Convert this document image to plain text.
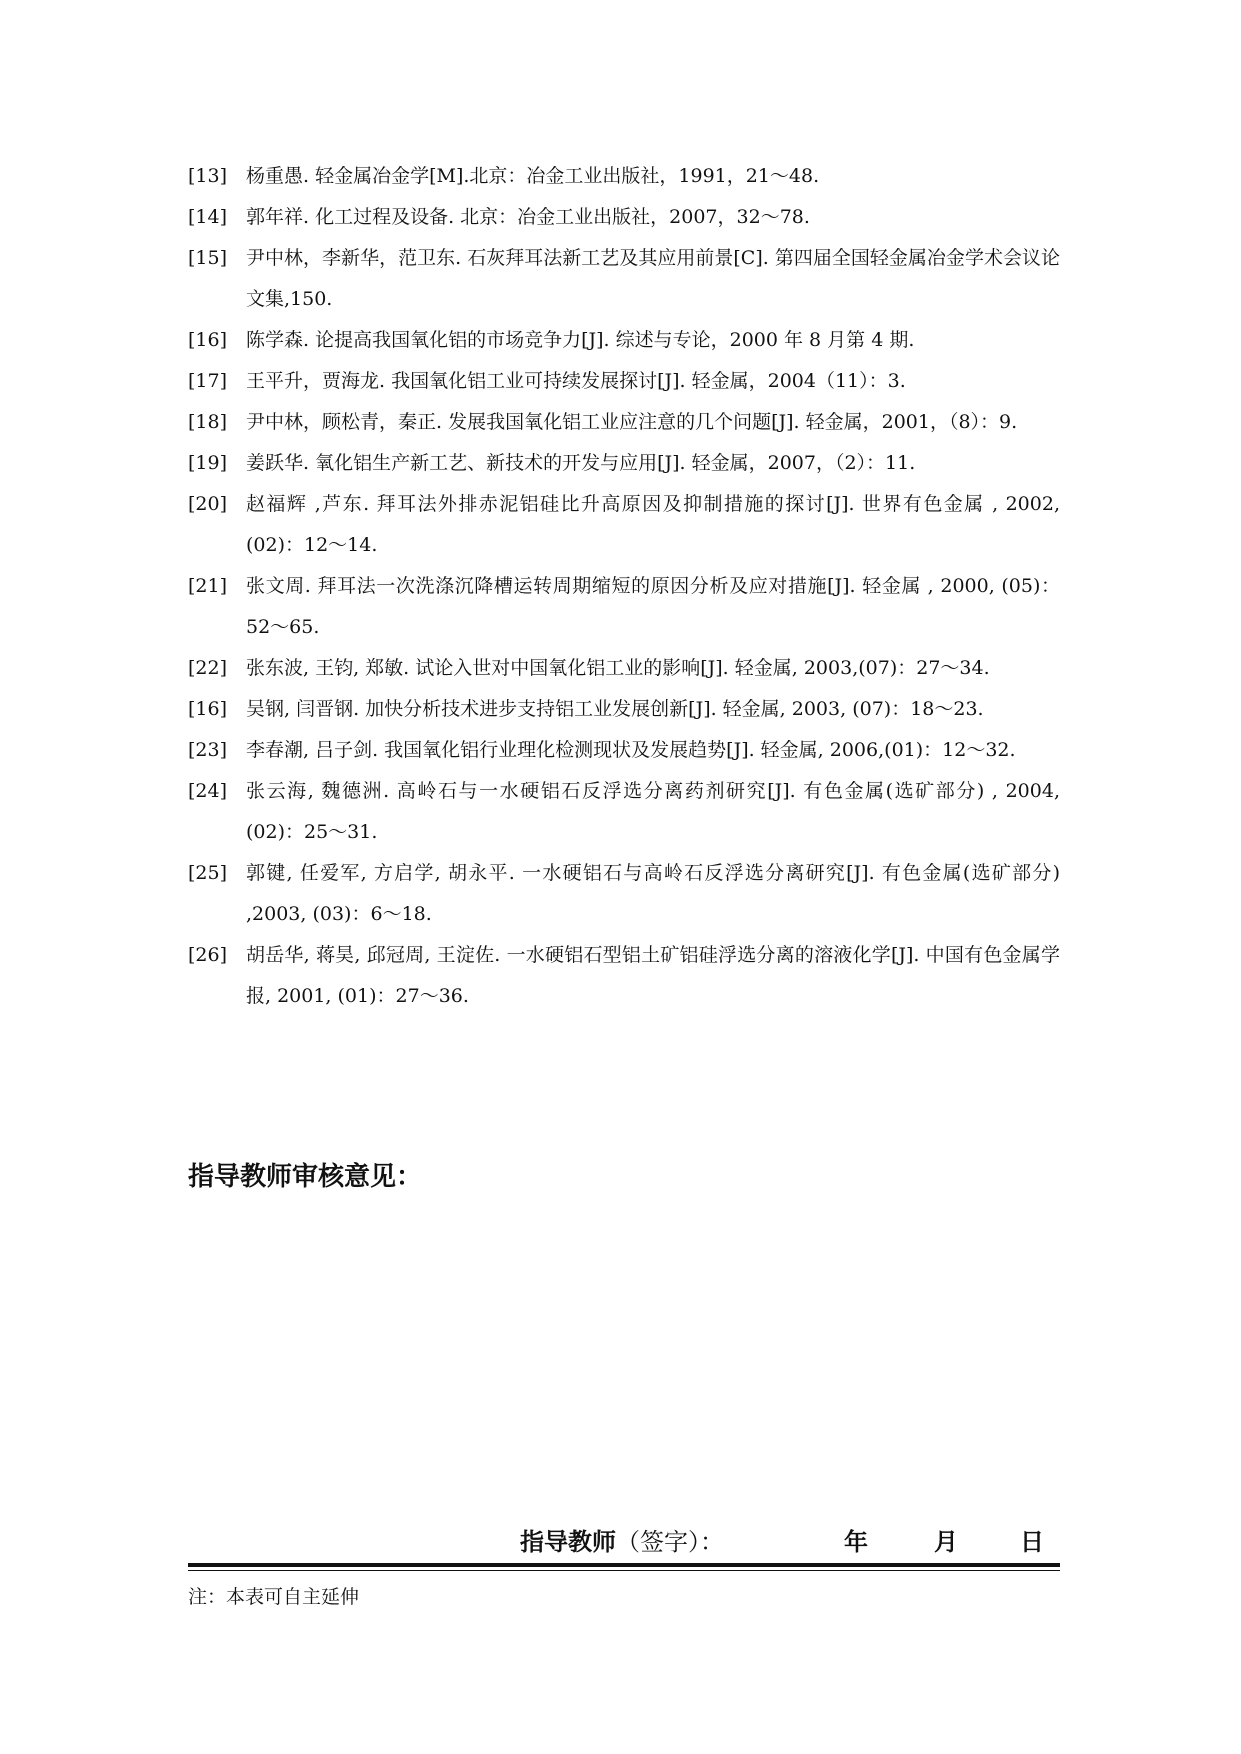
[13] 杨重愚. 轻金属冶金学[M].北京：冶金工业出版社，1991，21～48.

[14] 郭年祥. 化工过程及设备. 北京：冶金工业出版社，2007，32～78.

[15] 尹中林，李新华，范卫东. 石灰拜耳法新工艺及其应用前景[C]. 第四届全国轻金属冶金学术会议论文集,150.

[16] 陈学森. 论提高我国氧化铝的市场竞争力[J]. 综述与专论，2000 年 8 月第 4 期.

[17] 王平升，贾海龙. 我国氧化铝工业可持续发展探讨[J]. 轻金属，2004（11）：3.

[18] 尹中林，顾松青，秦正. 发展我国氧化铝工业应注意的几个问题[J]. 轻金属，2001，（8）：9.

[19] 姜跃华. 氧化铝生产新工艺、新技术的开发与应用[J]. 轻金属，2007，（2）：11.

[20] 赵福辉 ,芦东. 拜耳法外排赤泥铝硅比升高原因及抑制措施的探讨[J]. 世界有色金属 , 2002,(02)：12～14.

[21] 张文周. 拜耳法一次洗涤沉降槽运转周期缩短的原因分析及应对措施[J]. 轻金属 , 2000, (05)：52～65.

[22] 张东波, 王钧, 郑敏. 试论入世对中国氧化铝工业的影响[J]. 轻金属, 2003,(07)：27～34.

[16] 吴钢, 闫晋钢. 加快分析技术进步支持铝工业发展创新[J]. 轻金属, 2003, (07)：18～23.

[23] 李春潮, 吕子剑. 我国氧化铝行业理化检测现状及发展趋势[J]. 轻金属, 2006,(01)：12～32.

[24] 张云海, 魏德洲. 高岭石与一水硬铝石反浮选分离药剂研究[J]. 有色金属(选矿部分) , 2004, (02)：25～31.

[25] 郭键, 任爱军, 方启学, 胡永平. 一水硬铝石与高岭石反浮选分离研究[J]. 有色金属(选矿部分) ,2003, (03)：6～18.

[26] 胡岳华, 蒋昊, 邱冠周, 王淀佐. 一水硬铝石型铝土矿铝硅浮选分离的溶液化学[J]. 中国有色金属学报, 2001, (01)：27～36.

指导教师审核意见：
指导教师（签字）：	年	月	日

注：本表可自主延伸
